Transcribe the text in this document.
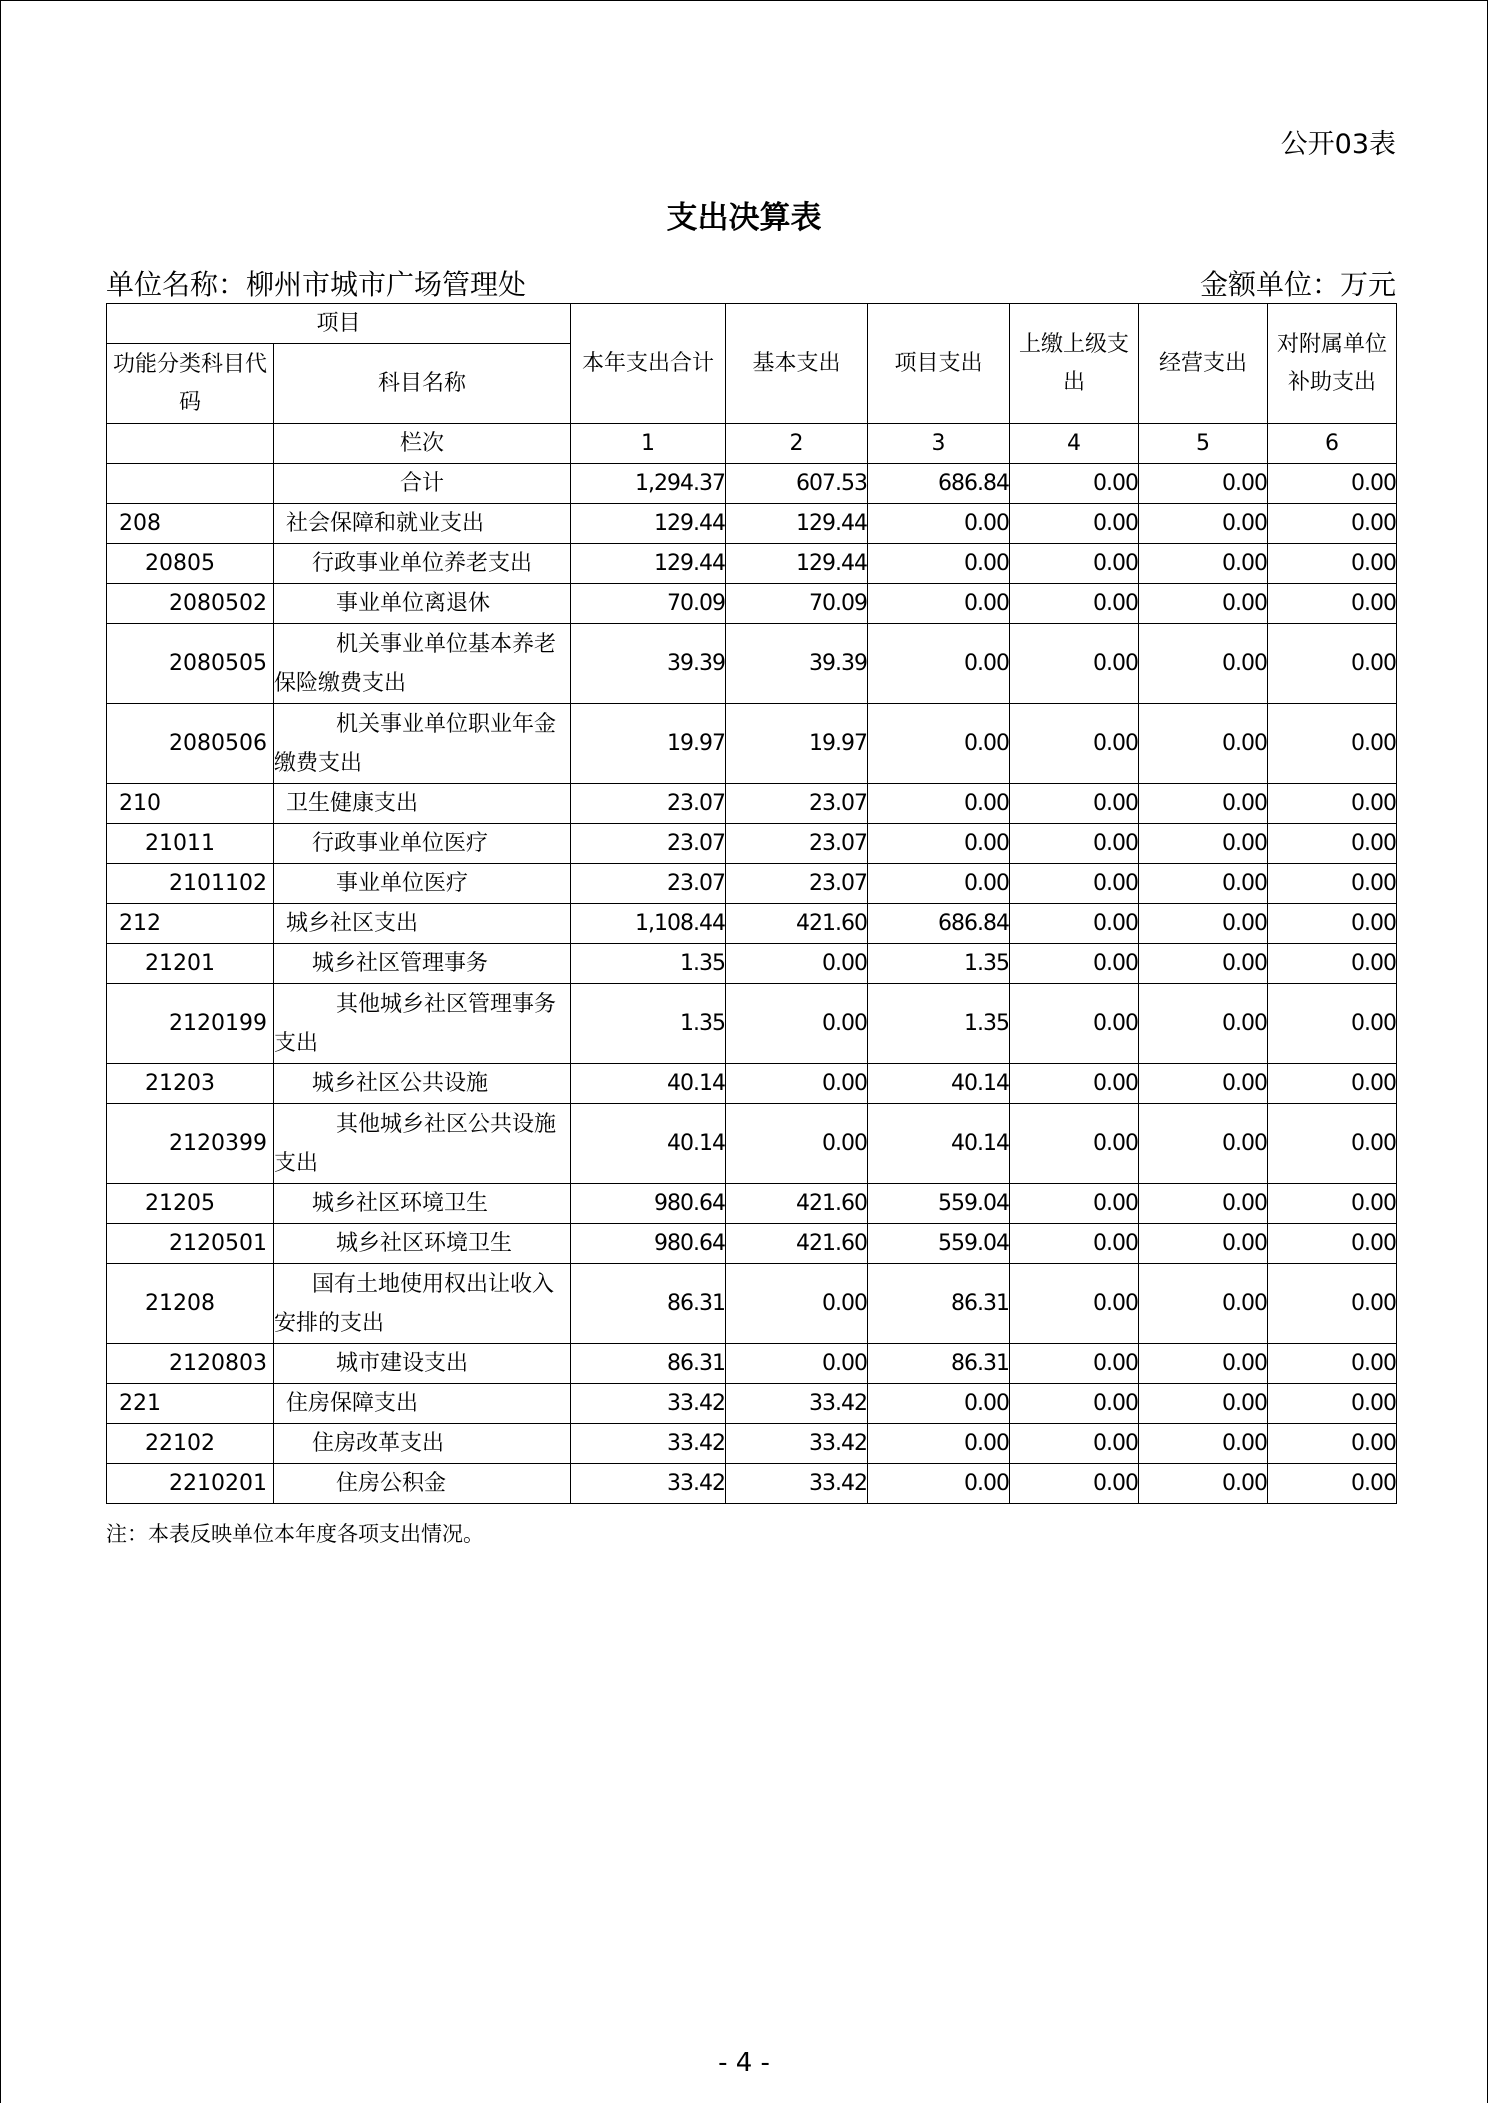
公开03表
支出决算表
单位名称：柳州市城市广场管理处	金额单位：万元
项目		本年支出合计	基本支出	项目支出	上缴上级支出	经营支出	对附属单位补助支出
功能分类科目代码	科目名称						
	栏次	1	2	3	4	5	6
	合计	1,294.37	607.53	686.84	0.00	0.00	0.00
208	社会保障和就业支出	129.44	129.44	0.00	0.00	0.00	0.00
20805	行政事业单位养老支出	129.44	129.44	0.00	0.00	0.00	0.00
2080502	事业单位离退休	70.09	70.09	0.00	0.00	0.00	0.00
2080505	机关事业单位基本养老保险缴费支出	39.39	39.39	0.00	0.00	0.00	0.00
2080506	机关事业单位职业年金缴费支出	19.97	19.97	0.00	0.00	0.00	0.00
210	卫生健康支出	23.07	23.07	0.00	0.00	0.00	0.00
21011	行政事业单位医疗	23.07	23.07	0.00	0.00	0.00	0.00
2101102	事业单位医疗	23.07	23.07	0.00	0.00	0.00	0.00
212	城乡社区支出	1,108.44	421.60	686.84	0.00	0.00	0.00
21201	城乡社区管理事务	1.35	0.00	1.35	0.00	0.00	0.00
2120199	其他城乡社区管理事务支出	1.35	0.00	1.35	0.00	0.00	0.00
21203	城乡社区公共设施	40.14	0.00	40.14	0.00	0.00	0.00
2120399	其他城乡社区公共设施支出	40.14	0.00	40.14	0.00	0.00	0.00
21205	城乡社区环境卫生	980.64	421.60	559.04	0.00	0.00	0.00
2120501	城乡社区环境卫生	980.64	421.60	559.04	0.00	0.00	0.00
21208	国有土地使用权出让收入安排的支出	86.31	0.00	86.31	0.00	0.00	0.00
2120803	城市建设支出	86.31	0.00	86.31	0.00	0.00	0.00
221	住房保障支出	33.42	33.42	0.00	0.00	0.00	0.00
22102	住房改革支出	33.42	33.42	0.00	0.00	0.00	0.00
2210201	住房公积金	33.42	33.42	0.00	0.00	0.00	0.00
注：本表反映单位本年度各项支出情况。
- 4 -
